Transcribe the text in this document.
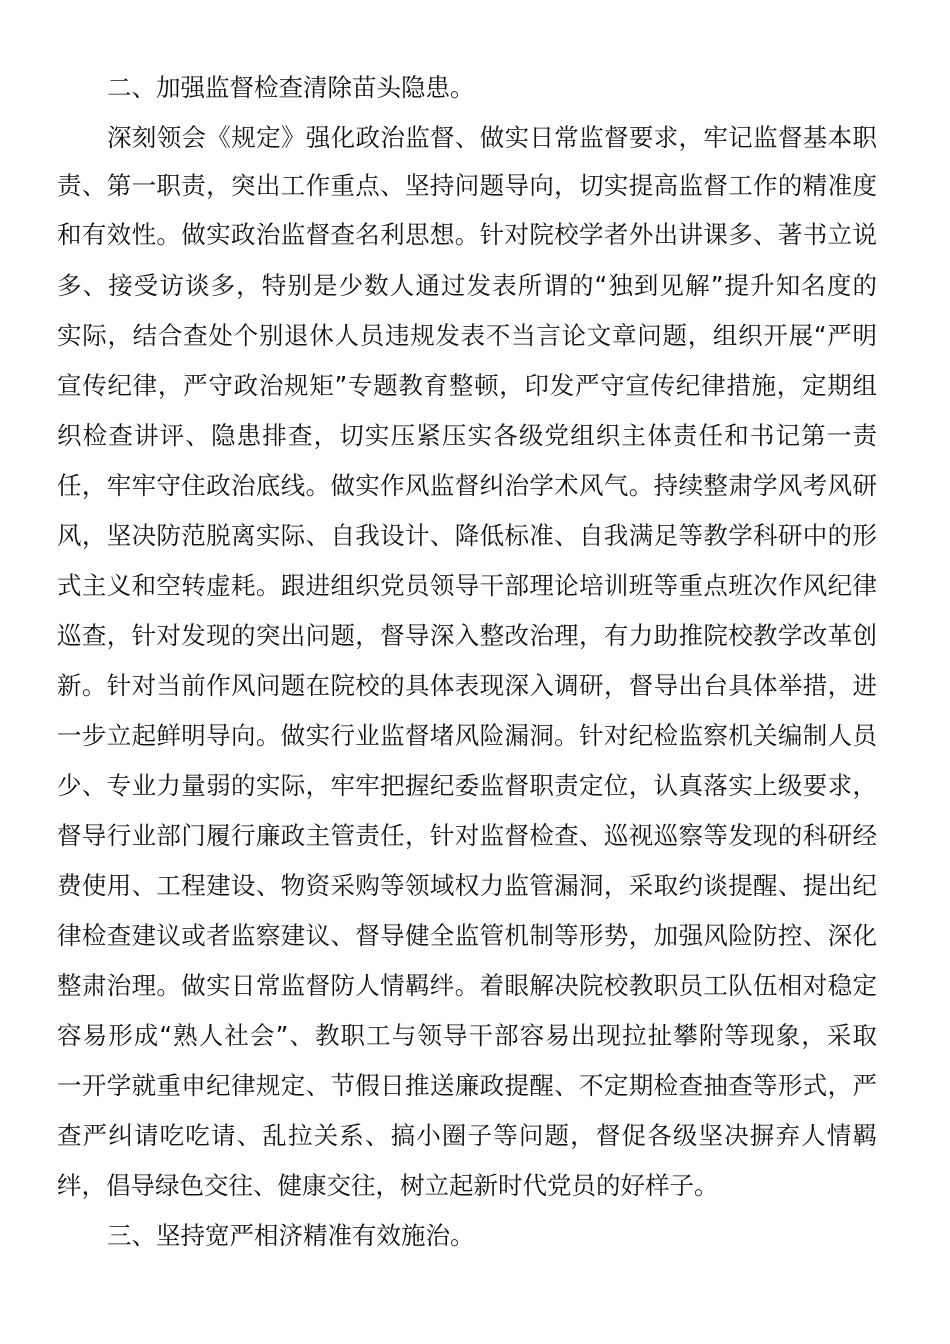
二、加强监督检查清除苗头隐患。
深刻领会《规定》强化政治监督、做实日常监督要求，牢记监督基本职
责、第一职责，突出工作重点、坚持问题导向，切实提高监督工作的精准度
和有效性。做实政治监督查名利思想。针对院校学者外出讲课多、著书立说
多、接受访谈多，特别是少数人通过发表所谓的“独到见解”提升知名度的
实际，结合查处个别退休人员违规发表不当言论文章问题，组织开展“严明
宣传纪律，严守政治规矩”专题教育整顿，印发严守宣传纪律措施，定期组
织检查讲评、隐患排查，切实压紧压实各级党组织主体责任和书记第一责
任，牢牢守住政治底线。做实作风监督纠治学术风气。持续整肃学风考风研
风，坚决防范脱离实际、自我设计、降低标准、自我满足等教学科研中的形
式主义和空转虚耗。跟进组织党员领导干部理论培训班等重点班次作风纪律
巡查，针对发现的突出问题，督导深入整改治理，有力助推院校教学改革创
新。针对当前作风问题在院校的具体表现深入调研，督导出台具体举措，进
一步立起鲜明导向。做实行业监督堵风险漏洞。针对纪检监察机关编制人员
少、专业力量弱的实际，牢牢把握纪委监督职责定位，认真落实上级要求，
督导行业部门履行廉政主管责任，针对监督检查、巡视巡察等发现的科研经
费使用、工程建设、物资采购等领域权力监管漏洞，采取约谈提醒、提出纪
律检查建议或者监察建议、督导健全监管机制等形势，加强风险防控、深化
整肃治理。做实日常监督防人情羁绊。着眼解决院校教职员工队伍相对稳定
容易形成“熟人社会”、教职工与领导干部容易出现拉扯攀附等现象，采取
一开学就重申纪律规定、节假日推送廉政提醒、不定期检查抽查等形式，严
查严纠请吃吃请、乱拉关系、搞小圈子等问题，督促各级坚决摒弃人情羁
绊，倡导绿色交往、健康交往，树立起新时代党员的好样子。
三、坚持宽严相济精准有效施治。
